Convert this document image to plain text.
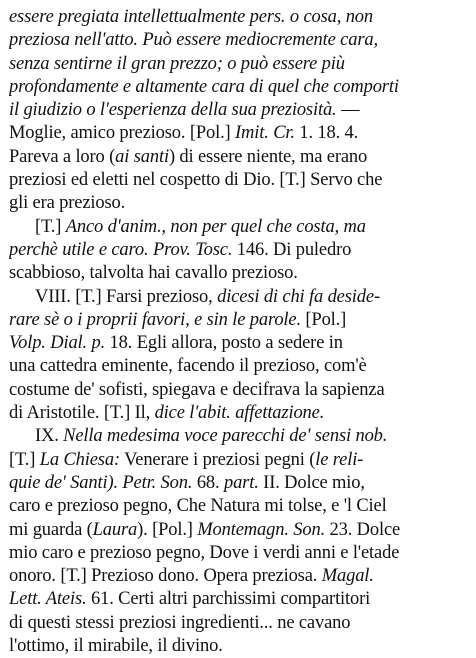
essere pregiata intellettualmente pers. o cosa, non
preziosa nell'atto. Può essere mediocremente cara,
senza sentirne il gran prezzo; o può essere più
profondamente e altamente cara di quel che comporti
il giudizio o l'esperienza della sua preziosità. —
Moglie, amico prezioso. [Pol.] Imit. Cr. 1. 18. 4.
Pareva a loro (ai santi) di essere niente, ma erano
preziosi ed eletti nel cospetto di Dio. [T.] Servo che
gli era prezioso.
[T.] Anco d'anim., non per quel che costa, ma
perchè utile e caro. Prov. Tosc. 146. Di puledro
scabbioso, talvolta hai cavallo prezioso.
VIII. [T.] Farsi prezioso, dicesi di chi fa deside-
rare sè o i proprii favori, e sin le parole. [Pol.]
Volp. Dial. p. 18. Egli allora, posto a sedere in
una cattedra eminente, facendo il prezioso, com'è
costume de' sofisti, spiegava e decifrava la sapienza
di Aristotile. [T.] Il, dice l'abit. affettazione.
IX. Nella medesima voce parecchi de' sensi nob.
[T.] La Chiesa: Venerare i preziosi pegni (le reli-
quie de' Santi). Petr. Son. 68. part. II. Dolce mio,
caro e prezioso pegno, Che Natura mi tolse, e 'l Ciel
mi guarda (Laura). [Pol.] Montemagn. Son. 23. Dolce
mio caro e prezioso pegno, Dove i verdi anni e l'etade
onoro. [T.] Prezioso dono. Opera preziosa. Magal.
Lett. Ateis. 61. Certi altri parchissimi compartitori
di questi stessi preziosi ingredienti... ne cavano
l'ottimo, il mirabile, il divino.
